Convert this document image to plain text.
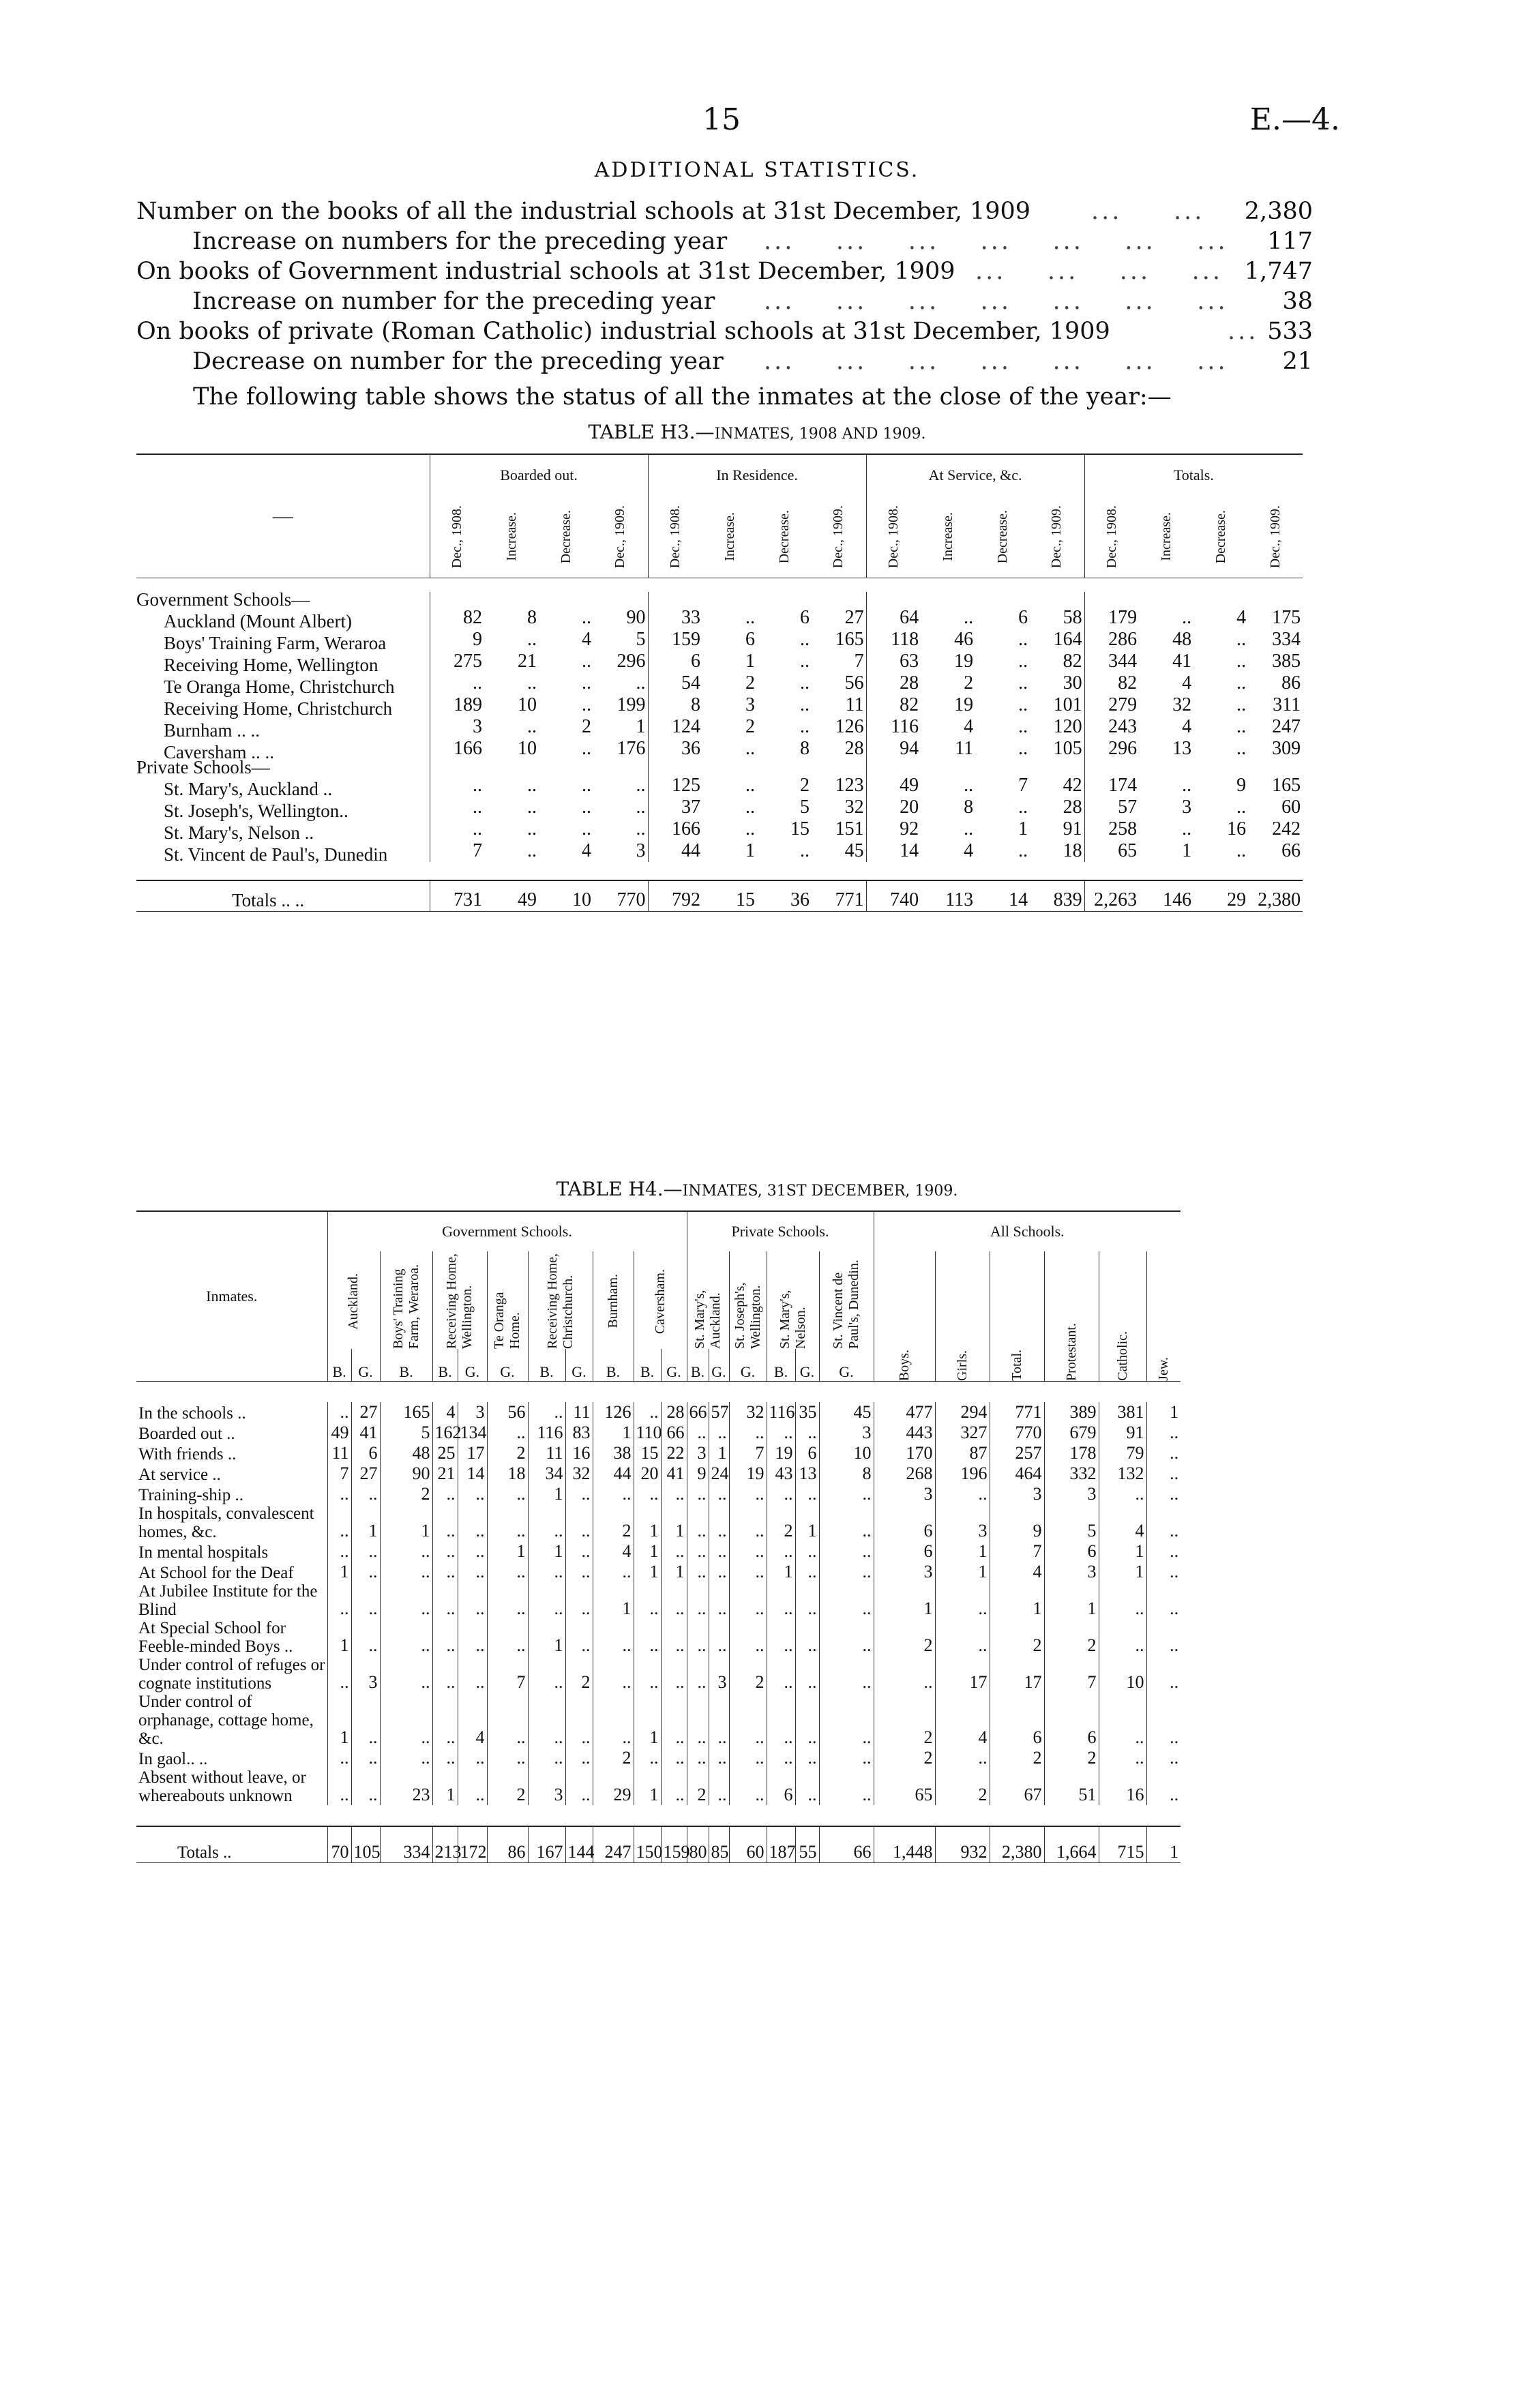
15	E.—4.
ADDITIONAL STATISTICS.
Number on the books of all the industrial schools at 31st December, 1909	...     ... 2,380
Increase on numbers for the preceding year ...    ...    ...    ...    ...    ...    ... 117
On books of Government industrial schools at 31st December, 1909 ...    ...    ...    ... 1,747
Increase on number for the preceding year ...    ...    ...    ...    ...    ...    ... 38
On books of private (Roman Catholic) industrial schools at 31st December, 1909	... 533
Decrease on number for the preceding year ...    ...    ...    ...    ...    ...    ... 21
The following table shows the status of all the inmates at the close of the year:—
TABLE H3.—INMATES, 1908 AND 1909.
—	Boarded out.				In Residence.				At Service, &c.				Totals.			

	Dec., 1908.	Increase.	Decrease.	Dec., 1909.	Dec., 1908.	Increase.	Decrease.	Dec., 1909.	Dec., 1908.	Increase.	Decrease.	Dec., 1909.	Dec., 1908.	Increase.	Decrease.	Dec., 1909.

Government Schools—																
Auckland (Mount Albert)	82	8	..	90	33	..	6	27	64	..	6	58	179	..	4	175
Boys' Training Farm, Weraroa	9	..	4	5	159	6	..	165	118	46	..	164	286	48	..	334
Receiving Home, Wellington	275	21	..	296	6	1	..	7	63	19	..	82	344	41	..	385
Te Oranga Home, Christchurch	..	..	..	..	54	2	..	56	28	2	..	30	82	4	..	86
Receiving Home, Christchurch	189	10	..	199	8	3	..	11	82	19	..	101	279	32	..	311
Burnham .. ..	3	..	2	1	124	2	..	126	116	4	..	120	243	4	..	247
Caversham .. ..	166	10	..	176	36	..	8	28	94	11	..	105	296	13	..	309
Private Schools—																
St. Mary's, Auckland ..	..	..	..	..	125	..	2	123	49	..	7	42	174	..	9	165
St. Joseph's, Wellington..	..	..	..	..	37	..	5	32	20	8	..	28	57	3	..	60
St. Mary's, Nelson ..	..	..	..	..	166	..	15	151	92	..	1	91	258	..	16	242
St. Vincent de Paul's, Dunedin	7	..	4	3	44	1	..	45	14	4	..	18	65	1	..	66

Totals .. ..	731	49	10	770	792	15	36	771	740	113	14	839	2,263	146	29	2,380
TABLE H4.—INMATES, 31ST DECEMBER, 1909.
Inmates.	Government Schools.											Private Schools.						All Schools.					

	Auckland.		Boys' Training Farm, Weraroa.	Receiving Home, Wellington.		Te Oranga Home.	Receiving Home, Christchurch.		Burnham.	Caversham.		St. Mary's, Auckland.		St. Joseph's, Wellington.	St. Mary's, Nelson.		St. Vincent de Paul's, Dunedin.	Boys.	Girls.	Total.	Protestant.	Catholic.	Jew.

	B.	G.	B.	B.	G.	G.	B.	G.	B.	B.	G.	B.	G.	G.	B.	G.	G.						

In the schools ..	..	27	165	4	3	56	..	11	126	..	28	66	57	32	116	35	45	477	294	771	389	381	1
Boarded out ..	49	41	5	162	134	..	116	83	1	110	66	..	..	..	..	..	3	443	327	770	679	91	..
With friends ..	11	6	48	25	17	2	11	16	38	15	22	3	1	7	19	6	10	170	87	257	178	79	..
At service ..	7	27	90	21	14	18	34	32	44	20	41	9	24	19	43	13	8	268	196	464	332	132	..
Training-ship ..	..	..	2	..	..	..	1	..	..	..	..	..	..	..	..	..	..	3	..	3	3	..	..
In hospitals, convalescent homes, &c.	..	1	1	..	..	..	..	..	2	1	1	..	..	..	2	1	..	6	3	9	5	4	..
In mental hospitals	..	..	..	..	..	1	1	..	4	1	..	..	..	..	..	..	..	6	1	7	6	1	..
At School for the Deaf	1	..	..	..	..	..	..	..	..	1	1	..	..	..	1	..	..	3	1	4	3	1	..
At Jubilee Institute for the Blind	..	..	..	..	..	..	..	..	1	..	..	..	..	..	..	..	..	1	..	1	1	..	..
At Special School for Feeble-minded Boys ..	1	..	..	..	..	..	1	..	..	..	..	..	..	..	..	..	..	2	..	2	2	..	..
Under control of refuges or cognate institutions	..	3	..	..	..	7	..	2	..	..	..	..	3	2	..	..	..	..	17	17	7	10	..
Under control of orphanage, cottage home, &c.	1	..	..	..	4	..	..	..	..	1	..	..	..	..	..	..	..	2	4	6	6	..	..
In gaol.. ..	..	..	..	..	..	..	..	..	2	..	..	..	..	..	..	..	..	2	..	2	2	..	..
Absent without leave, or whereabouts unknown	..	..	23	1	..	2	3	..	29	1	..	2	..	..	6	..	..	65	2	67	51	16	..

Totals ..	70	105	334	213	172	86	167	144	247	150	159	80	85	60	187	55	66	1,448	932	2,380	1,664	715	1
